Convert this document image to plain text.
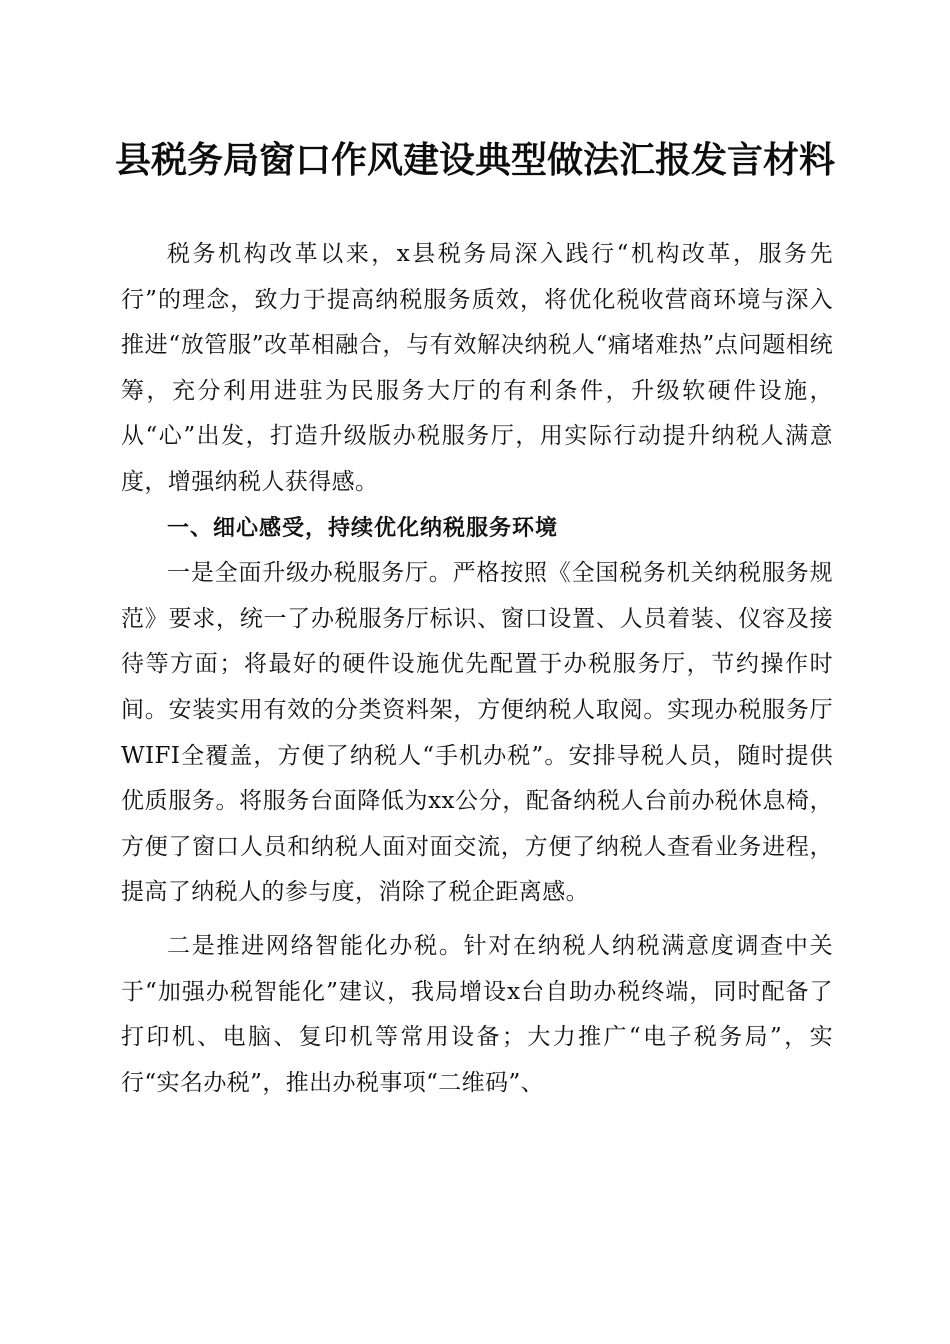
县税务局窗口作风建设典型做法汇报发言材料

税务机构改革以来，x县税务局深入践行“机构改革，服务先行”的理念，致力于提高纳税服务质效，将优化税收营商环境与深入推进“放管服”改革相融合，与有效解决纳税人“痛堵难热”点问题相统筹，充分利用进驻为民服务大厅的有利条件，升级软硬件设施，从“心”出发，打造升级版办税服务厅，用实际行动提升纳税人满意度，增强纳税人获得感。

一、细心感受，持续优化纳税服务环境

一是全面升级办税服务厅。严格按照《全国税务机关纳税服务规范》要求，统一了办税服务厅标识、窗口设置、人员着装、仪容及接待等方面；将最好的硬件设施优先配置于办税服务厅，节约操作时间。安装实用有效的分类资料架，方便纳税人取阅。实现办税服务厅WIFI全覆盖，方便了纳税人“手机办税”。安排导税人员，随时提供优质服务。将服务台面降低为xx公分，配备纳税人台前办税休息椅，方便了窗口人员和纳税人面对面交流，方便了纳税人查看业务进程，提高了纳税人的参与度，消除了税企距离感。

二是推进网络智能化办税。针对在纳税人纳税满意度调查中关于“加强办税智能化”建议，我局增设x台自助办税终端，同时配备了打印机、电脑、复印机等常用设备；大力推广“电子税务局”，实行“实名办税”，推出办税事项“二维码”、
